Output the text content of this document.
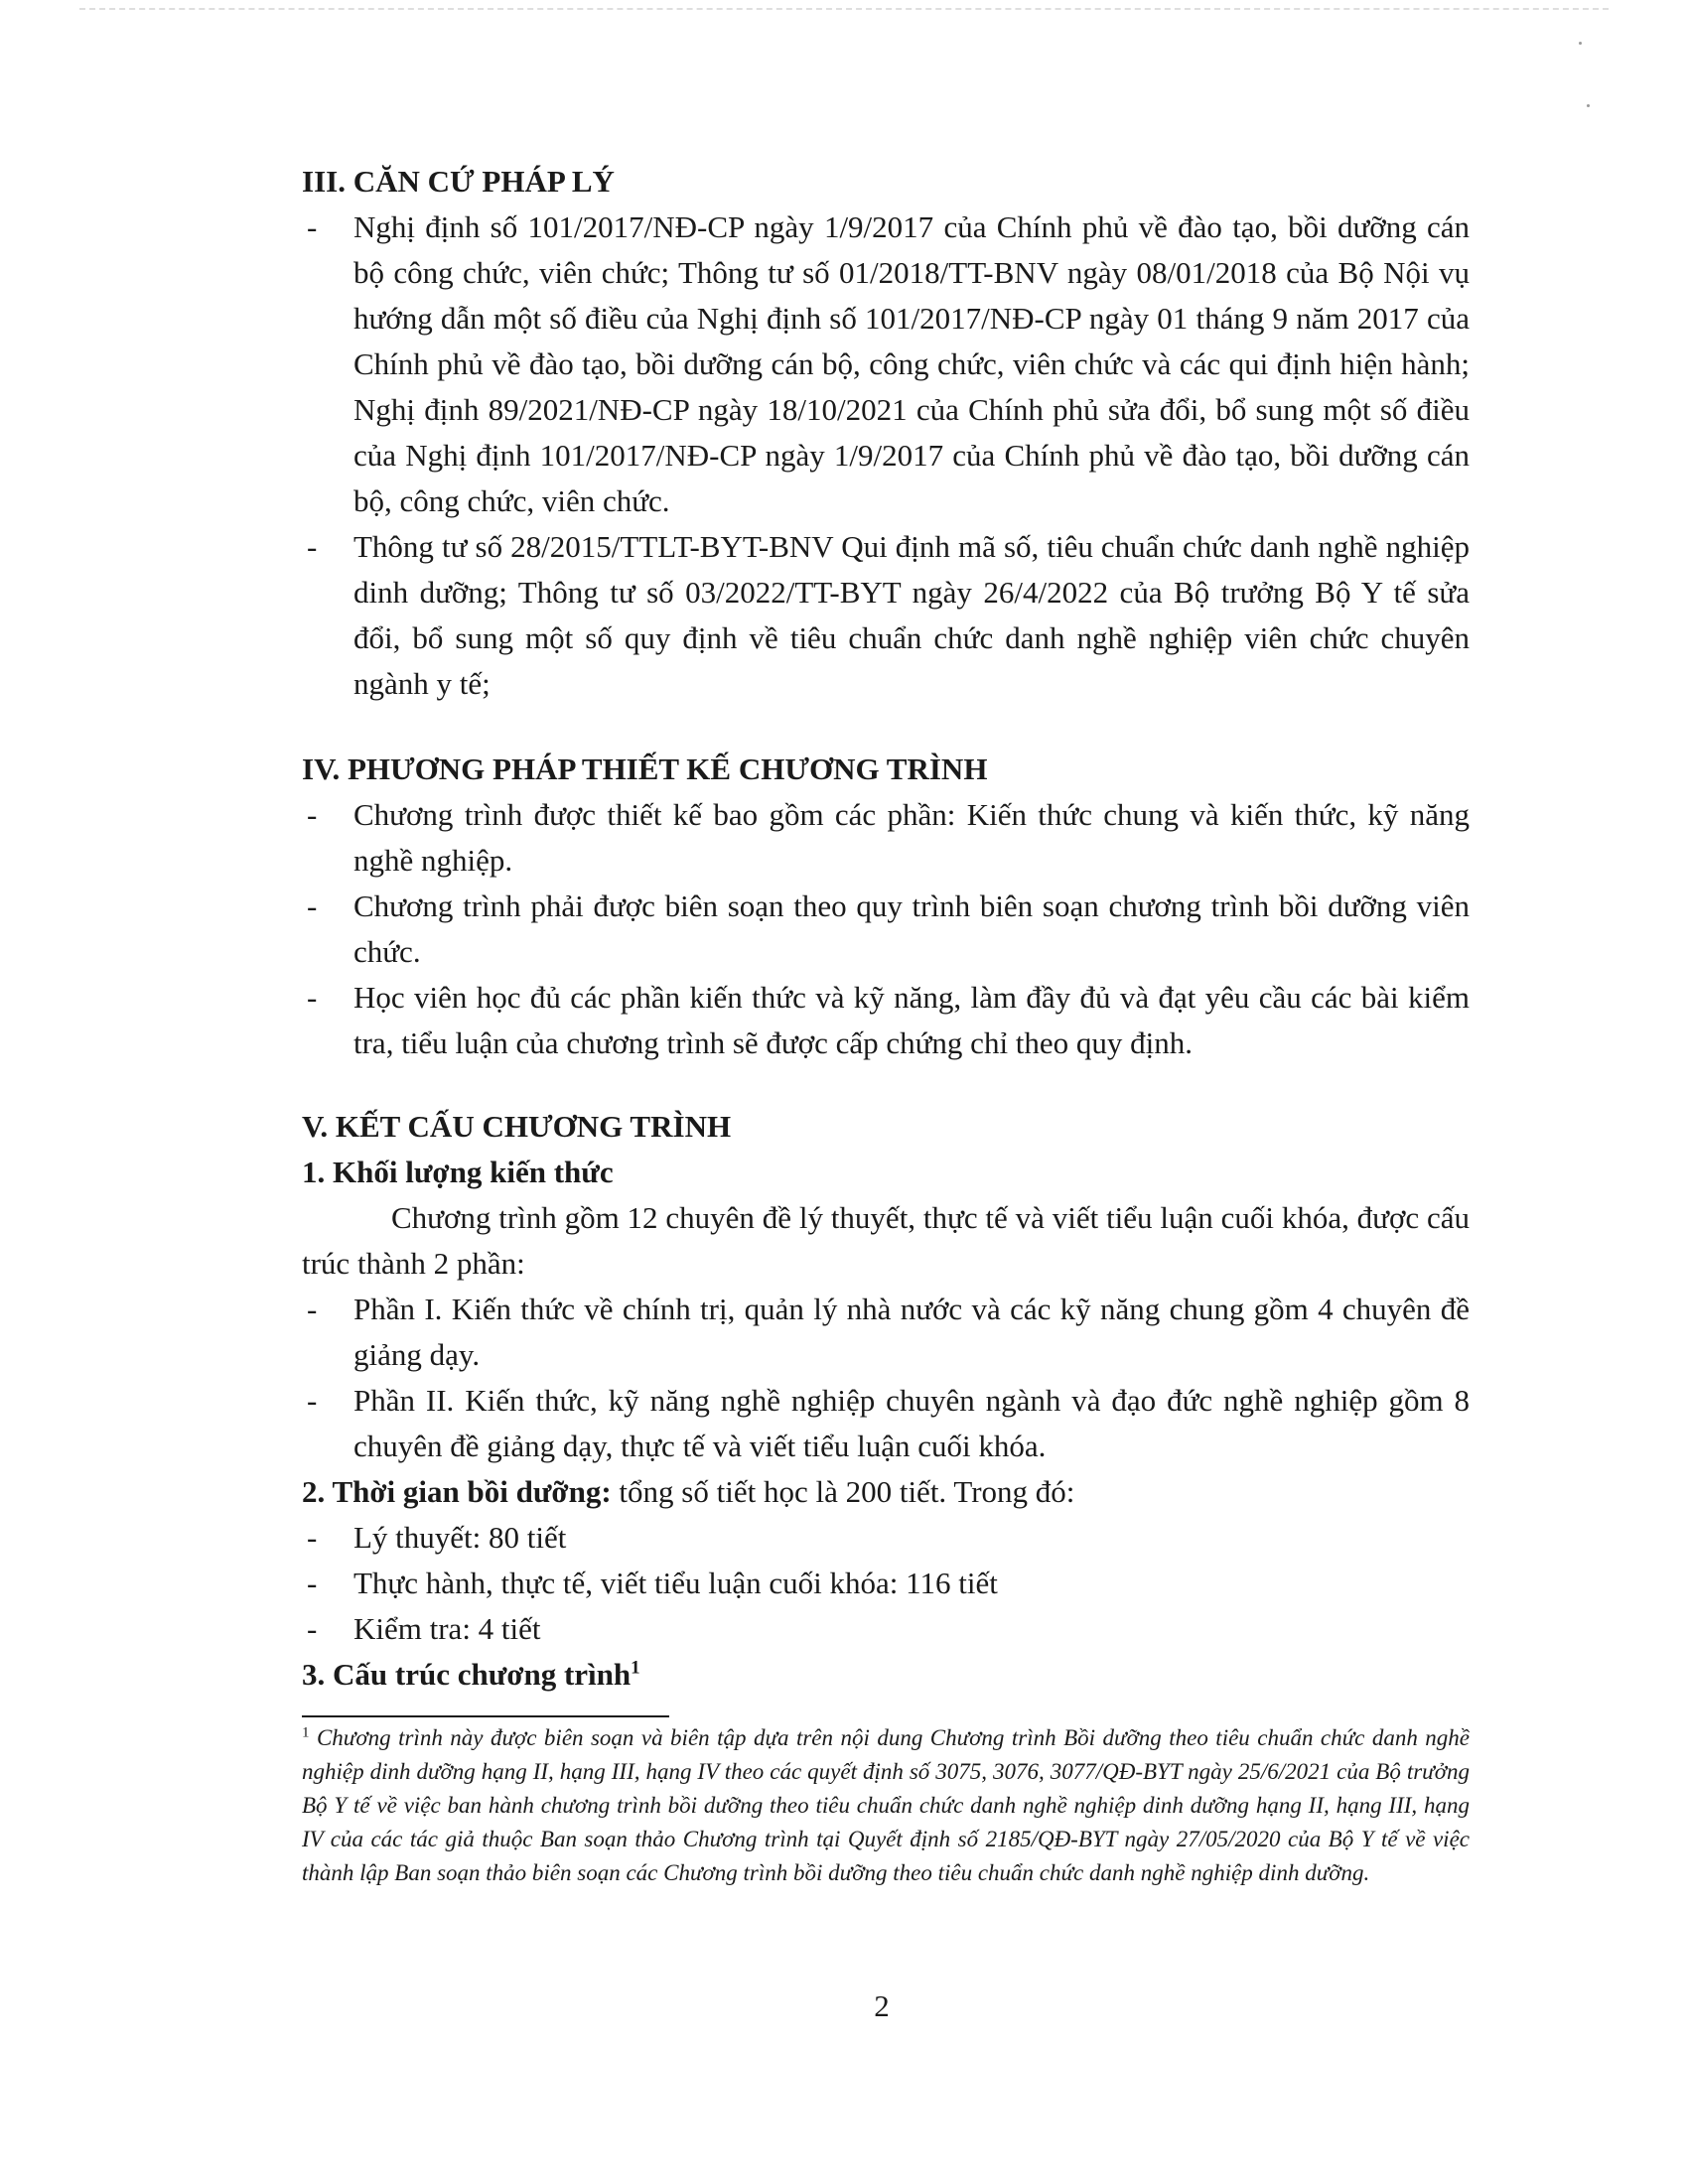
III. CĂN CỨ PHÁP LÝ
- Nghị định số 101/2017/NĐ-CP ngày 1/9/2017 của Chính phủ về đào tạo, bồi dưỡng cán bộ công chức, viên chức; Thông tư số 01/2018/TT-BNV ngày 08/01/2018 của Bộ Nội vụ hướng dẫn một số điều của Nghị định số 101/2017/NĐ-CP ngày 01 tháng 9 năm 2017 của Chính phủ về đào tạo, bồi dưỡng cán bộ, công chức, viên chức và các qui định hiện hành; Nghị định 89/2021/NĐ-CP ngày 18/10/2021 của Chính phủ sửa đổi, bổ sung một số điều của Nghị định 101/2017/NĐ-CP ngày 1/9/2017 của Chính phủ về đào tạo, bồi dưỡng cán bộ, công chức, viên chức.
- Thông tư số 28/2015/TTLT-BYT-BNV Qui định mã số, tiêu chuẩn chức danh nghề nghiệp dinh dưỡng; Thông tư số 03/2022/TT-BYT ngày 26/4/2022 của Bộ trưởng Bộ Y tế sửa đổi, bổ sung một số quy định về tiêu chuẩn chức danh nghề nghiệp viên chức chuyên ngành y tế;
IV. PHƯƠNG PHÁP THIẾT KẾ CHƯƠNG TRÌNH
- Chương trình được thiết kế bao gồm các phần: Kiến thức chung và kiến thức, kỹ năng nghề nghiệp.
- Chương trình phải được biên soạn theo quy trình biên soạn chương trình bồi dưỡng viên chức.
- Học viên học đủ các phần kiến thức và kỹ năng, làm đầy đủ và đạt yêu cầu các bài kiểm tra, tiểu luận của chương trình sẽ được cấp chứng chỉ theo quy định.
V. KẾT CẤU CHƯƠNG TRÌNH
1. Khối lượng kiến thức

Chương trình gồm 12 chuyên đề lý thuyết, thực tế và viết tiểu luận cuối khóa, được cấu trúc thành 2 phần:

- Phần I. Kiến thức về chính trị, quản lý nhà nước và các kỹ năng chung gồm 4 chuyên đề giảng dạy.
- Phần II. Kiến thức, kỹ năng nghề nghiệp chuyên ngành và đạo đức nghề nghiệp gồm 8 chuyên đề giảng dạy, thực tế và viết tiểu luận cuối khóa.

2. Thời gian bồi dưỡng: tổng số tiết học là 200 tiết. Trong đó:

- Lý thuyết: 80 tiết
- Thực hành, thực tế, viết tiểu luận cuối khóa: 116 tiết
- Kiểm tra: 4 tiết
3. Cấu trúc chương trình$^1$

$^1$ Chương trình này được biên soạn và biên tập dựa trên nội dung Chương trình Bồi dưỡng theo tiêu chuẩn chức danh nghề nghiệp dinh dưỡng hạng II, hạng III, hạng IV theo các quyết định số 3075, 3076, 3077/QĐ-BYT ngày 25/6/2021 của Bộ trưởng Bộ Y tế về việc ban hành chương trình bồi dưỡng theo tiêu chuẩn chức danh nghề nghiệp dinh dưỡng hạng II, hạng III, hạng IV của các tác giả thuộc Ban soạn thảo Chương trình tại Quyết định số 2185/QĐ-BYT ngày 27/05/2020 của Bộ Y tế về việc thành lập Ban soạn thảo biên soạn các Chương trình bồi dưỡng theo tiêu chuẩn chức danh nghề nghiệp dinh dưỡng.

2
